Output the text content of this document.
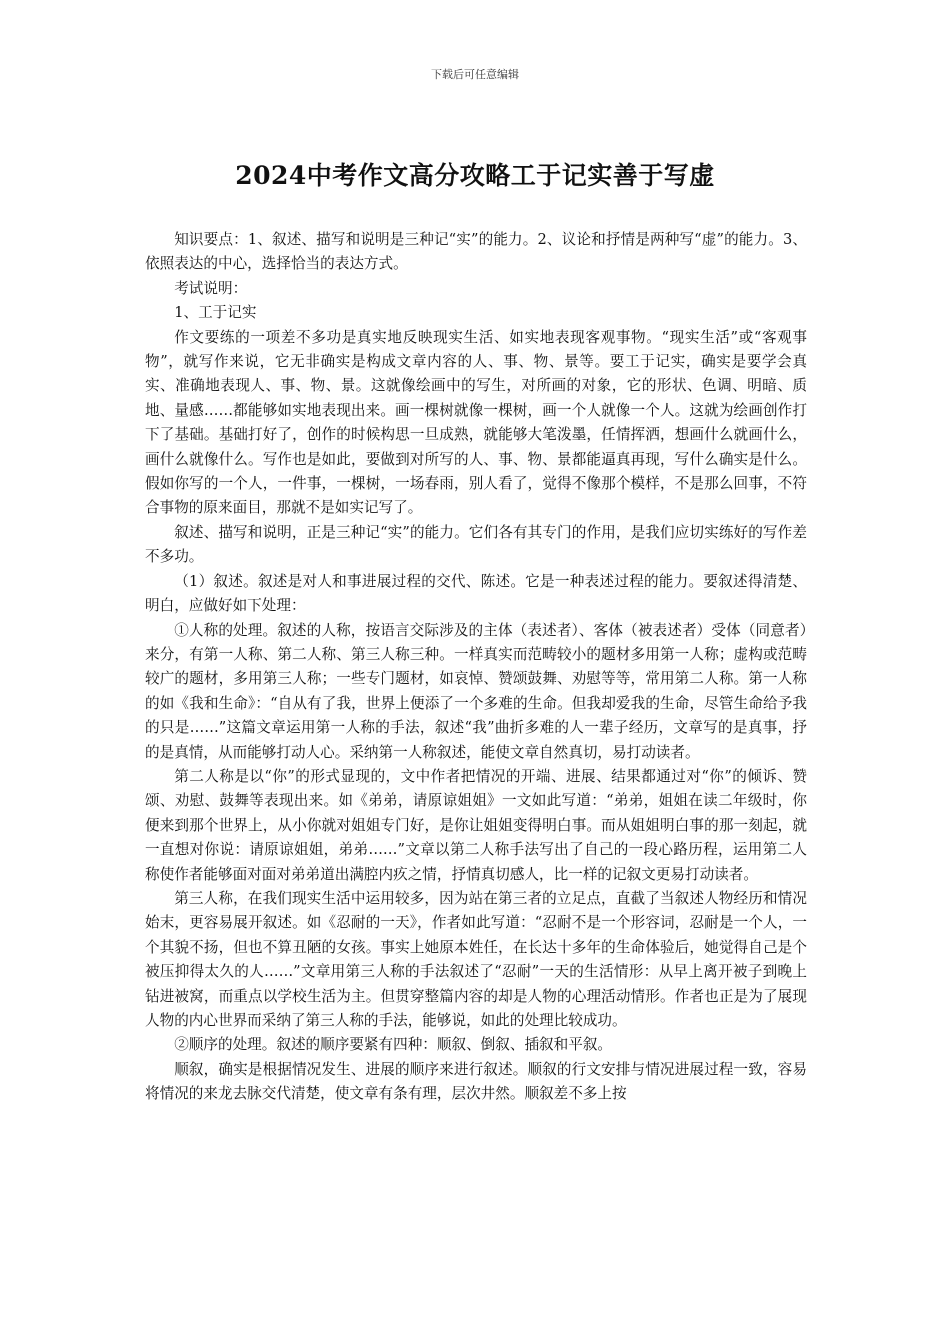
下载后可任意编辑
2024中考作文高分攻略工于记实善于写虚

知识要点：1、叙述、描写和说明是三种记“实”的能力。2、议论和抒情是两种写“虚”的能力。3、依照表达的中心，选择恰当的表达方式。

考试说明：

1、工于记实

作文要练的一项差不多功是真实地反映现实生活、如实地表现客观事物。“现实生活”或“客观事物”，就写作来说，它无非确实是构成文章内容的人、事、物、景等。要工于记实，确实是要学会真实、准确地表现人、事、物、景。这就像绘画中的写生，对所画的对象，它的形状、色调、明暗、质地、量感……都能够如实地表现出来。画一棵树就像一棵树，画一个人就像一个人。这就为绘画创作打下了基础。基础打好了，创作的时候构思一旦成熟，就能够大笔泼墨，任情挥洒，想画什么就画什么，画什么就像什么。写作也是如此，要做到对所写的人、事、物、景都能逼真再现，写什么确实是什么。假如你写的一个人，一件事，一棵树，一场春雨，别人看了，觉得不像那个模样，不是那么回事，不符合事物的原来面目，那就不是如实记写了。

叙述、描写和说明，正是三种记“实”的能力。它们各有其专门的作用，是我们应切实练好的写作差不多功。

（1）叙述。叙述是对人和事进展过程的交代、陈述。它是一种表述过程的能力。要叙述得清楚、明白，应做好如下处理：

①人称的处理。叙述的人称，按语言交际涉及的主体（表述者）、客体（被表述者）受体（同意者）来分，有第一人称、第二人称、第三人称三种。一样真实而范畴较小的题材多用第一人称；虚构或范畴较广的题材，多用第三人称；一些专门题材，如哀悼、赞颂鼓舞、劝慰等等，常用第二人称。第一人称的如《我和生命》：“自从有了我，世界上便添了一个多难的生命。但我却爱我的生命，尽管生命给予我的只是……”这篇文章运用第一人称的手法，叙述“我”曲折多难的人一辈子经历，文章写的是真事，抒的是真情，从而能够打动人心。采纳第一人称叙述，能使文章自然真切，易打动读者。

第二人称是以“你”的形式显现的，文中作者把情况的开端、进展、结果都通过对“你”的倾诉、赞颂、劝慰、鼓舞等表现出来。如《弟弟，请原谅姐姐》一文如此写道：“弟弟，姐姐在读二年级时，你便来到那个世界上，从小你就对姐姐专门好，是你让姐姐变得明白事。而从姐姐明白事的那一刻起，就一直想对你说：请原谅姐姐，弟弟……”文章以第二人称手法写出了自己的一段心路历程，运用第二人称使作者能够面对面对弟弟道出满腔内疚之情，抒情真切感人，比一样的记叙文更易打动读者。

第三人称，在我们现实生活中运用较多，因为站在第三者的立足点，直截了当叙述人物经历和情况始末，更容易展开叙述。如《忍耐的一天》，作者如此写道：“忍耐不是一个形容词，忍耐是一个人，一个其貌不扬，但也不算丑陋的女孩。事实上她原本姓任，在长达十多年的生命体验后，她觉得自己是个被压抑得太久的人……”文章用第三人称的手法叙述了“忍耐”一天的生活情形：从早上离开被子到晚上钻进被窝，而重点以学校生活为主。但贯穿整篇内容的却是人物的心理活动情形。作者也正是为了展现人物的内心世界而采纳了第三人称的手法，能够说，如此的处理比较成功。

②顺序的处理。叙述的顺序要紧有四种：顺叙、倒叙、插叙和平叙。

顺叙，确实是根据情况发生、进展的顺序来进行叙述。顺叙的行文安排与情况进展过程一致，容易将情况的来龙去脉交代清楚，使文章有条有理，层次井然。顺叙差不多上按
